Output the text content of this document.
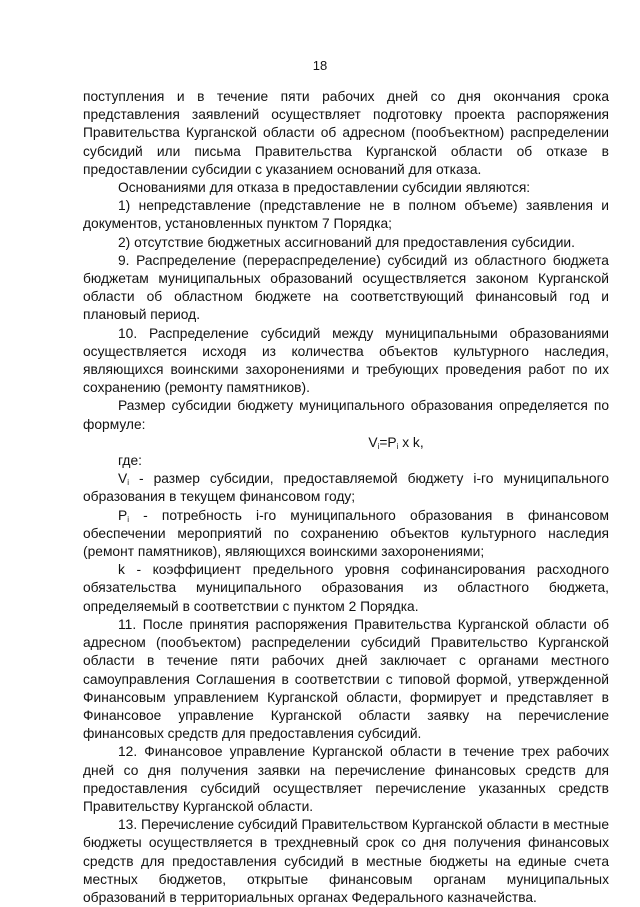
18

поступления и в течение пяти рабочих дней со дня окончания срока представления заявлений осуществляет подготовку проекта распоряжения Правительства Курганской области об адресном (пообъектном) распределении субсидий или письма Правительства Курганской области об отказе в предоставлении субсидии с указанием оснований для отказа.

Основаниями для отказа в предоставлении субсидии являются:

1) непредставление (представление не в полном объеме) заявления и документов, установленных пунктом 7 Порядка;

2) отсутствие бюджетных ассигнований для предоставления субсидии.

9. Распределение (перераспределение) субсидий из областного бюджета бюджетам муниципальных образований осуществляется законом Курганской области об областном бюджете на соответствующий финансовый год и плановый период.

10. Распределение субсидий между муниципальными образованиями осуществляется исходя из количества объектов культурного наследия, являющихся воинскими захоронениями и требующих проведения работ по их сохранению (ремонту памятников).

Размер субсидии бюджету муниципального образования определяется по формуле:

$V_i=P_i$ x k,

где:

$V_i$ - размер субсидии, предоставляемой бюджету i-го муниципального образования в текущем финансовом году;

$P_i$ - потребность i-го муниципального образования в финансовом обеспечении мероприятий по сохранению объектов культурного наследия (ремонт памятников), являющихся воинскими захоронениями;

k - коэффициент предельного уровня софинансирования расходного обязательства муниципального образования из областного бюджета, определяемый в соответствии с пунктом 2 Порядка.

11. После принятия распоряжения Правительства Курганской области об адресном (пообъектом) распределении субсидий Правительство Курганской области в течение пяти рабочих дней заключает с органами местного самоуправления Соглашения в соответствии с типовой формой, утвержденной Финансовым управлением Курганской области, формирует и представляет в Финансовое управление Курганской области заявку на перечисление финансовых средств для предоставления субсидий.

12. Финансовое управление Курганской области в течение трех рабочих дней со дня получения заявки на перечисление финансовых средств для предоставления субсидий осуществляет перечисление указанных средств Правительству Курганской области.

13. Перечисление субсидий Правительством Курганской области в местные бюджеты осуществляется в трехдневный срок со дня получения финансовых средств для предоставления субсидий в местные бюджеты на единые счета местных бюджетов, открытые финансовым органам муниципальных образований в территориальных органах Федерального казначейства.
